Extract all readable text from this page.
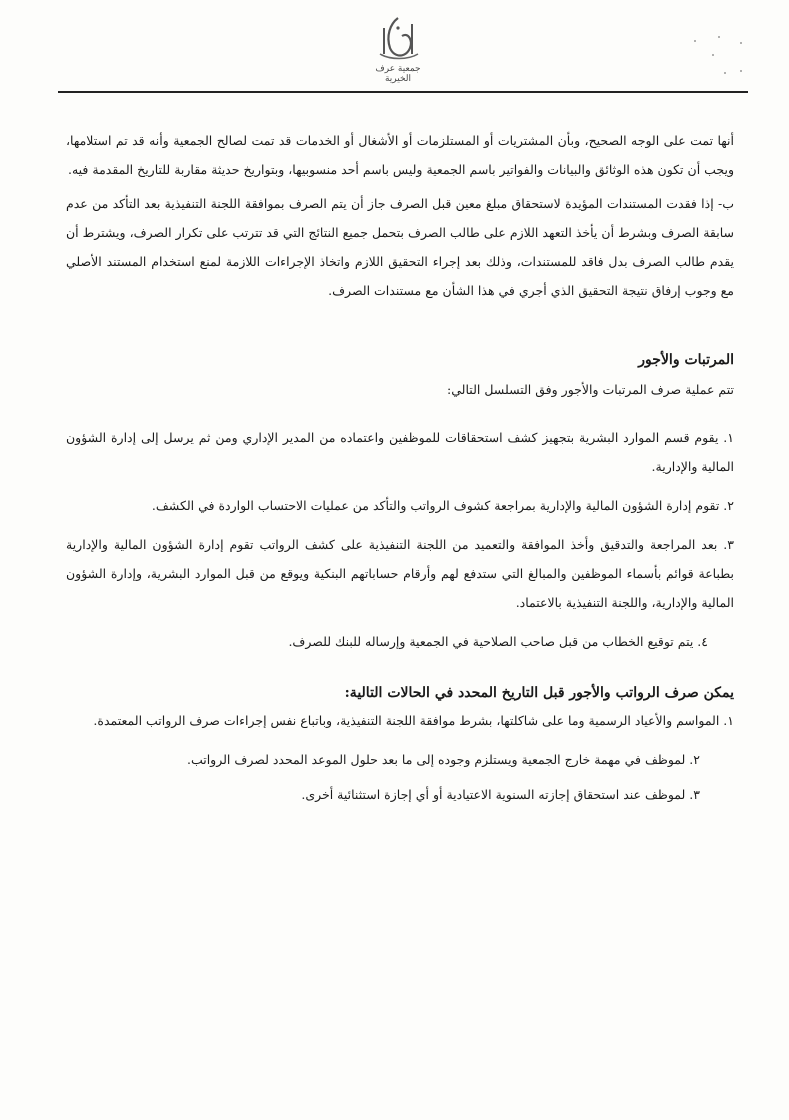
جمعية عرف الخيرية

أنها تمت على الوجه الصحيح، وبأن المشتريات أو المستلزمات أو الأشغال أو الخدمات قد تمت لصالح الجمعية وأنه قد تم استلامها، ويجب أن تكون هذه الوثائق والبيانات والفواتير باسم الجمعية وليس باسم أحد منسوبيها، وبتواريخ حديثة مقاربة للتاريخ المقدمة فيه.

ب- إذا فقدت المستندات المؤيدة لاستحقاق مبلغ معين قبل الصرف جاز أن يتم الصرف بموافقة اللجنة التنفيذية بعد التأكد من عدم سابقة الصرف وبشرط أن يأخذ التعهد اللازم على طالب الصرف بتحمل جميع النتائج التي قد تترتب على تكرار الصرف، ويشترط أن يقدم طالب الصرف بدل فاقد للمستندات، وذلك بعد إجراء التحقيق اللازم واتخاذ الإجراءات اللازمة لمنع استخدام المستند الأصلي مع وجوب إرفاق نتيجة التحقيق الذي أجري في هذا الشأن مع مستندات الصرف.

المرتبات والأجور

تتم عملية صرف المرتبات والأجور وفق التسلسل التالي:

١. يقوم قسم الموارد البشرية بتجهيز كشف استحقاقات للموظفين واعتماده من المدير الإداري ومن ثم يرسل إلى إدارة الشؤون المالية والإدارية.

٢. تقوم إدارة الشؤون المالية والإدارية بمراجعة كشوف الرواتب والتأكد من عمليات الاحتساب الواردة في الكشف.

٣. بعد المراجعة والتدقيق وأخذ الموافقة والتعميد من اللجنة التنفيذية على كشف الرواتب تقوم إدارة الشؤون المالية والإدارية بطباعة قوائم بأسماء الموظفين والمبالغ التي ستدفع لهم وأرقام حساباتهم البنكية ويوقع من قبل الموارد البشرية، وإدارة الشؤون المالية والإدارية، واللجنة التنفيذية بالاعتماد.

٤. يتم توقيع الخطاب من قبل صاحب الصلاحية في الجمعية وإرساله للبنك للصرف.

يمكن صرف الرواتب والأجور قبل التاريخ المحدد في الحالات التالية:

١. المواسم والأعياد الرسمية وما على شاكلتها، بشرط موافقة اللجنة التنفيذية، وباتباع نفس إجراءات صرف الرواتب المعتمدة.

٢. لموظف في مهمة خارج الجمعية ويستلزم وجوده إلى ما بعد حلول الموعد المحدد لصرف الرواتب.

٣. لموظف عند استحقاق إجازته السنوية الاعتيادية أو أي إجازة استثنائية أخرى.
